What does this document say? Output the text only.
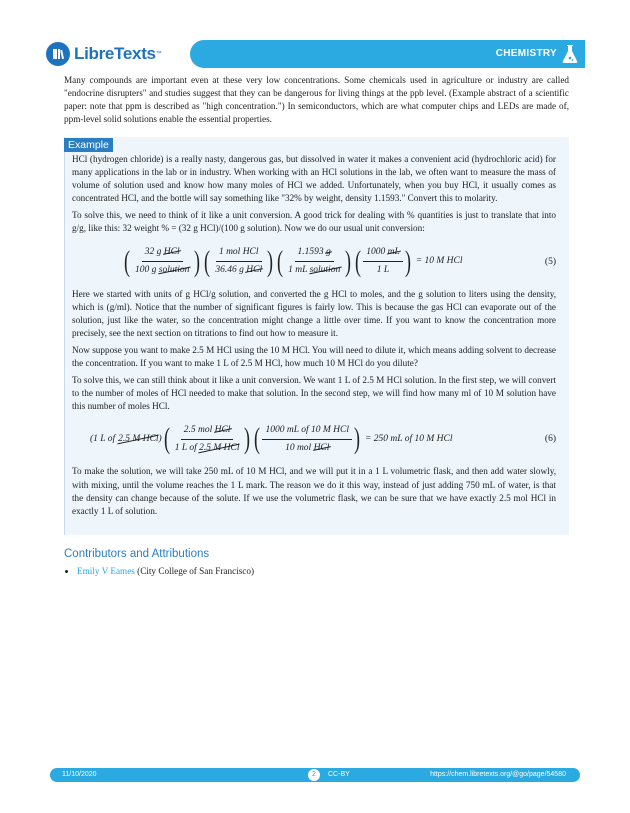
LibreTexts ™	CHEMISTRY

Many compounds are important even at these very low concentrations. Some chemicals used in agriculture or industry are called "endocrine disrupters" and studies suggest that they can be dangerous for living things at the ppb level. (Example abstract of a scientific paper: note that ppm is described as "high concentration.") In semiconductors, which are what computer chips and LEDs are made of, ppm-level solid solutions enable the essential properties.

Example

HCl (hydrogen chloride) is a really nasty, dangerous gas, but dissolved in water it makes a convenient acid (hydrochloric acid) for many applications in the lab or in industry. When working with an HCl solutions in the lab, we often want to measure the mass of volume of solution used and know how many moles of HCl we added. Unfortunately, when you buy HCl, it usually comes as concentrated HCl, and the bottle will say something like "32% by weight, density 1.1593." Convert this to molarity.

To solve this, we need to think of it like a unit conversion. A good trick for dealing with % quantities is just to translate that into g/g, like this: 32 weight % = (32 g HCl)/(100 g solution). Now we do our usual unit conversion:

( $\frac{\text{32 g HCl}}{\text{100 g solution}}$ ) ( $\frac{\text{1 mol HCl}}{\text{36.46 g HCl}}$ ) ( $\frac{1.1593 g}{\text{1 mL solution}}$ ) ( $\frac{1000 mL}{1 L}$ ) = 10 M HCl	(5)

Here we started with units of g HCl/g solution, and converted the g HCl to moles, and the g solution to liters using the density, which is (g/ml). Notice that the number of significant figures is fairly low. This is because the gas HCl can evaporate out of the solution, just like the water, so the concentration might change a little over time. If you want to know the concentration more precisely, see the next section on titrations to find out how to measure it.

Now suppose you want to make 2.5 M HCl using the 10 M HCl. You will need to dilute it, which means adding solvent to decrease the concentration. If you want to make 1 L of 2.5 M HCl, how much 10 M HCl do you dilute?

To solve this, we can still think about it like a unit conversion. We want 1 L of 2.5 M HCl solution. In the first step, we will convert to the number of moles of HCl needed to make that solution. In the second step, we will find how many ml of 10 M solution have this number of moles HCl.

(1 L of 2.5 M HCl ) ( $\frac{\text{2.5 mol HCl}}{\text{1 L of 2.5 M HCl}}$ ) ( $\frac{\text{1000 mL of 10 M HCl}}{\text{10 mol HCl}}$ ) = 250 mL of 10 M HCl	(6)

To make the solution, we will take 250 mL of 10 M HCl, and we will put it in a 1 L volumetric flask, and then add water slowly, with mixing, until the volume reaches the 1 L mark. The reason we do it this way, instead of just adding 750 mL of water, is that the density can change because of the solute. If we use the volumetric flask, we can be sure that we have exactly 2.5 mol HCl in exactly 1 L of solution.

Contributors and Attributions
• Emily V Eames (City College of San Francisco)
11/10/2020	2	CC-BY	https://chem.libretexts.org/@go/page/54580
